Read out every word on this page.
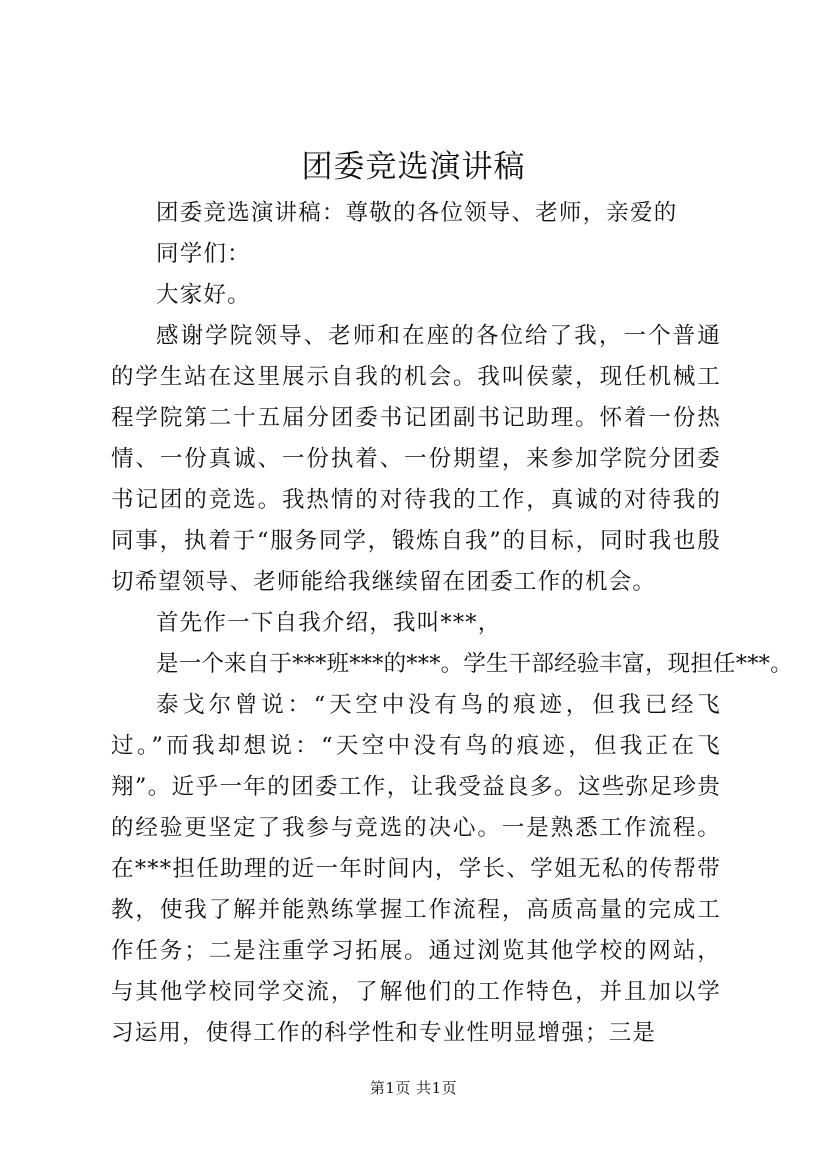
团委竞选演讲稿

团委竞选演讲稿：尊敬的各位领导、老师，亲爱的

同学们：

大家好。

感谢学院领导、老师和在座的各位给了我，一个普通的学生站在这里展示自我的机会。我叫侯蒙，现任机械工程学院第二十五届分团委书记团副书记助理。怀着一份热情、一份真诚、一份执着、一份期望，来参加学院分团委书记团的竞选。我热情的对待我的工作，真诚的对待我的同事，执着于“服务同学，锻炼自我”的目标，同时我也殷切希望领导、老师能给我继续留在团委工作的机会。

首先作一下自我介绍，我叫***，

是一个来自于***班***的***。学生干部经验丰富，现担任***。

泰戈尔曾说：“天空中没有鸟的痕迹，但我已经飞过。”而我却想说：“天空中没有鸟的痕迹，但我正在飞翔”。近乎一年的团委工作，让我受益良多。这些弥足珍贵的经验更坚定了我参与竞选的决心。一是熟悉工作流程。在***担任助理的近一年时间内，学长、学姐无私的传帮带教，使我了解并能熟练掌握工作流程，高质高量的完成工作任务；二是注重学习拓展。通过浏览其他学校的网站，与其他学校同学交流，了解他们的工作特色，并且加以学习运用，使得工作的科学性和专业性明显增强；三是

第1页 共1页
